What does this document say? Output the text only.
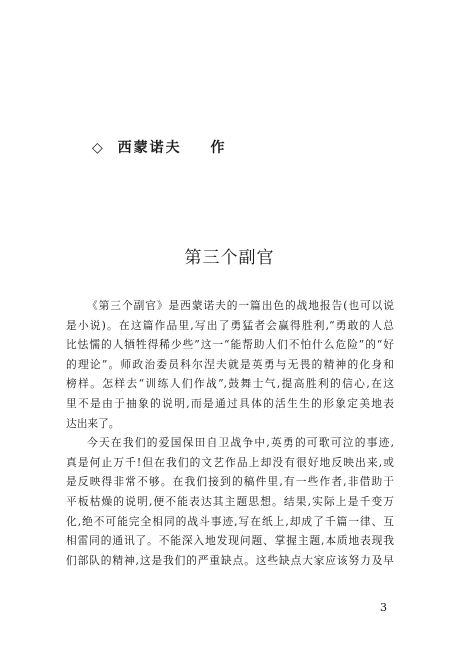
◇ 西蒙诺夫 作
第三个副官
《第三个副官》是西蒙诺夫的一篇出色的战地报告(也可以说
是小说)。在这篇作品里,写出了勇猛者会赢得胜利,“勇敢的人总
比怯懦的人牺牲得稀少些”这一“能帮助人们不怕什么危险”的“好
的理论”。师政治委员科尔涅夫就是英勇与无畏的精神的化身和
榜样。怎样去“训练人们作战”,鼓舞士气,提高胜利的信心,在这
里不是由于抽象的说明,而是通过具体的活生生的形象定美地表
达出来了。
今天在我们的爱国保田自卫战争中,英勇的可歌可泣的事迹,
真是何止万千!但在我们的文艺作品上却没有很好地反映出来,或
是反映得非常不够。在我们接到的稿件里,有一些作者,非借助于
平板枯燥的说明,便不能表达其主题思想。结果,实际上是千变万
化,绝不可能完全相同的战斗事迹,写在纸上,却成了千篇一律、互
相雷同的通讯了。不能深入地发现问题、掌握主题,本质地表现我
们部队的精神,这是我们的严重缺点。这些缺点大家应该努力及早
3
